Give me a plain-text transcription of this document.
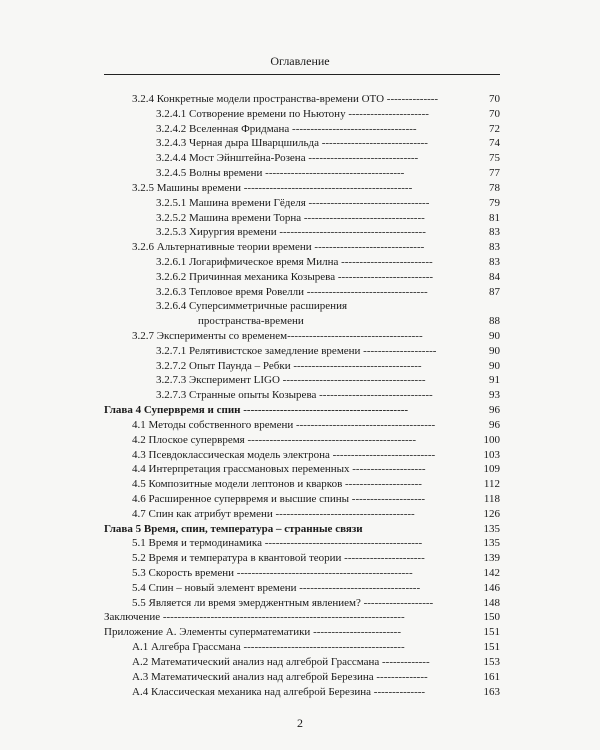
Оглавление
3.2.4 Конкретные модели пространства-времени ОТО --------------	70
3.2.4.1 Сотворение времени по Ньютону ----------------------	70
3.2.4.2 Вселенная Фридмана ----------------------------------	72
3.2.4.3 Черная дыра Шварцшильда -----------------------------	74
3.2.4.4 Мост Эйнштейна-Розена ------------------------------	75
3.2.4.5 Волны времени --------------------------------------	77
3.2.5 Машины времени ----------------------------------------------	78
3.2.5.1 Машина времени Гёделя ---------------------------------	79
3.2.5.2 Машина времени Торна ---------------------------------	81
3.2.5.3 Хирургия времени ----------------------------------------	83
3.2.6 Альтернативные теории времени ------------------------------	83
3.2.6.1 Логарифмическое время Милна -------------------------	83
3.2.6.2 Причинная механика Козырева --------------------------	84
3.2.6.3 Тепловое время Ровелли ---------------------------------	87
3.2.6.4 Суперсимметричные расширения
пространства-времени	88
3.2.7 Эксперименты со временем-------------------------------------	90
3.2.7.1 Релятивистское замедление времени --------------------	90
3.2.7.2 Опыт Паунда – Ребки -----------------------------------	90
3.2.7.3 Эксперимент LIGO ---------------------------------------	91
3.2.7.3 Странные опыты Козырева -------------------------------	93
Глава 4 Супервремя и спин ---------------------------------------------	96
4.1 Методы собственного времени --------------------------------------	96
4.2 Плоское супервремя ----------------------------------------------	100
4.3 Псевдоклассическая модель электрона ----------------------------	103
4.4 Интерпретация грассмановых переменных --------------------	109
4.5 Композитные модели лептонов и кварков ---------------------	112
4.6 Расширенное супервремя и высшие спины --------------------	118
4.7 Спин как атрибут времени --------------------------------------	126
Глава 5 Время, спин, температура – странные связи	135
5.1 Время и термодинамика -------------------------------------------	135
5.2 Время и температура в квантовой теории ----------------------	139
5.3 Скорость времени ------------------------------------------------	142
5.4 Спин – новый элемент времени ---------------------------------	146
5.5 Является ли время эмерджентным явлением? -------------------	148
Заключение ------------------------------------------------------------------	150
Приложение А. Элементы суперматематики ------------------------	151
А.1 Алгебра Грассмана --------------------------------------------	151
А.2 Математический анализ над алгеброй Грассмана -------------	153
А.3 Математический анализ над алгеброй Березина --------------	161
А.4 Классическая механика над алгеброй Березина --------------	163
2
